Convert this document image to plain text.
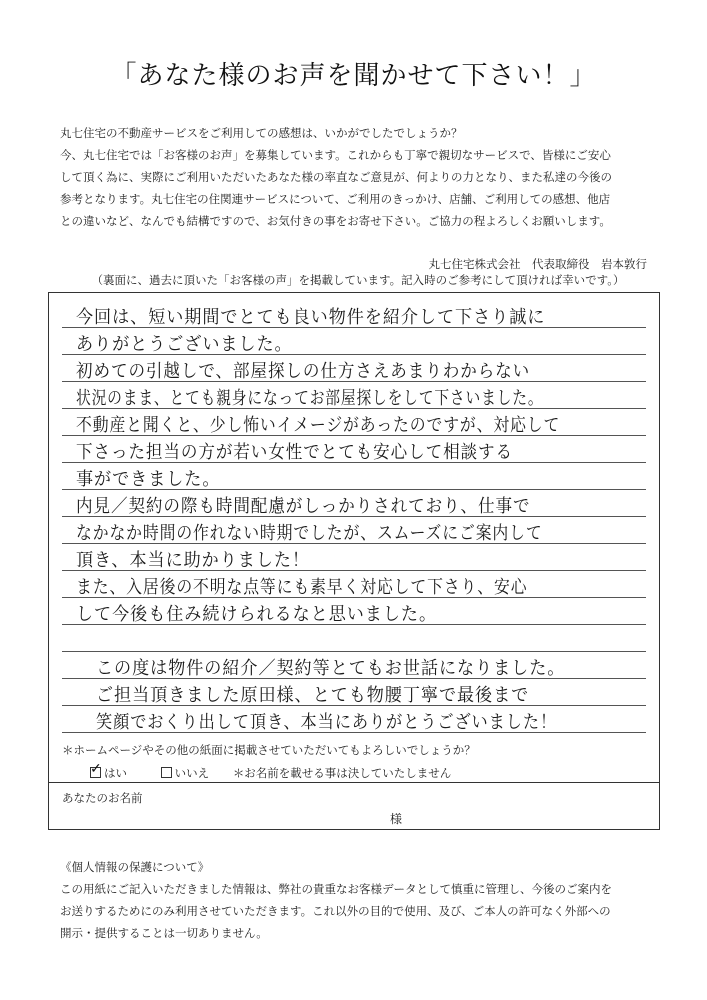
「あなた様のお声を聞かせて下さい！」
丸七住宅の不動産サービスをご利用しての感想は、いかがでしたでしょうか？
今、丸七住宅では「お客様のお声」を募集しています。これからも丁寧で親切なサービスで、皆様にご安心
して頂く為に、実際にご利用いただいたあなた様の率直なご意見が、何よりの力となり、また私達の今後の
参考となります。丸七住宅の住関連サービスについて、ご利用のきっかけ、店舗、ご利用しての感想、他店
との違いなど、なんでも結構ですので、お気付きの事をお寄せ下さい。ご協力の程よろしくお願いします。
丸七住宅株式会社　代表取締役　岩本敦行
（裏面に、過去に頂いた「お客様の声」を掲載しています。記入時のご参考にして頂ければ幸いです。）
今回は、短い期間でとても良い物件を紹介して下さり誠に
ありがとうございました。
初めての引越しで、部屋探しの仕方さえあまりわからない
状況のまま、とても親身になってお部屋探しをして下さいました。
不動産と聞くと、少し怖いイメージがあったのですが、対応して
下さった担当の方が若い女性でとても安心して相談する
事ができました。
内見／契約の際も時間配慮がしっかりされており、仕事で
なかなか時間の作れない時期でしたが、スムーズにご案内して
頂き、本当に助かりました！
また、入居後の不明な点等にも素早く対応して下さり、安心
して今後も住み続けられるなと思いました。
この度は物件の紹介／契約等とてもお世話になりました。
ご担当頂きました原田様、とても物腰丁寧で最後まで
笑顔でおくり出して頂き、本当にありがとうございました！
＊ホームページやその他の紙面に掲載させていただいてもよろしいでしょうか？
✓はい	いいえ ＊お名前を載せる事は決していたしません
あなたのお名前
様
《個人情報の保護について》
この用紙にご記入いただきました情報は、弊社の貴重なお客様データとして慎重に管理し、今後のご案内を
お送りするためにのみ利用させていただきます。これ以外の目的で使用、及び、ご本人の許可なく外部への
開示・提供することは一切ありません。
